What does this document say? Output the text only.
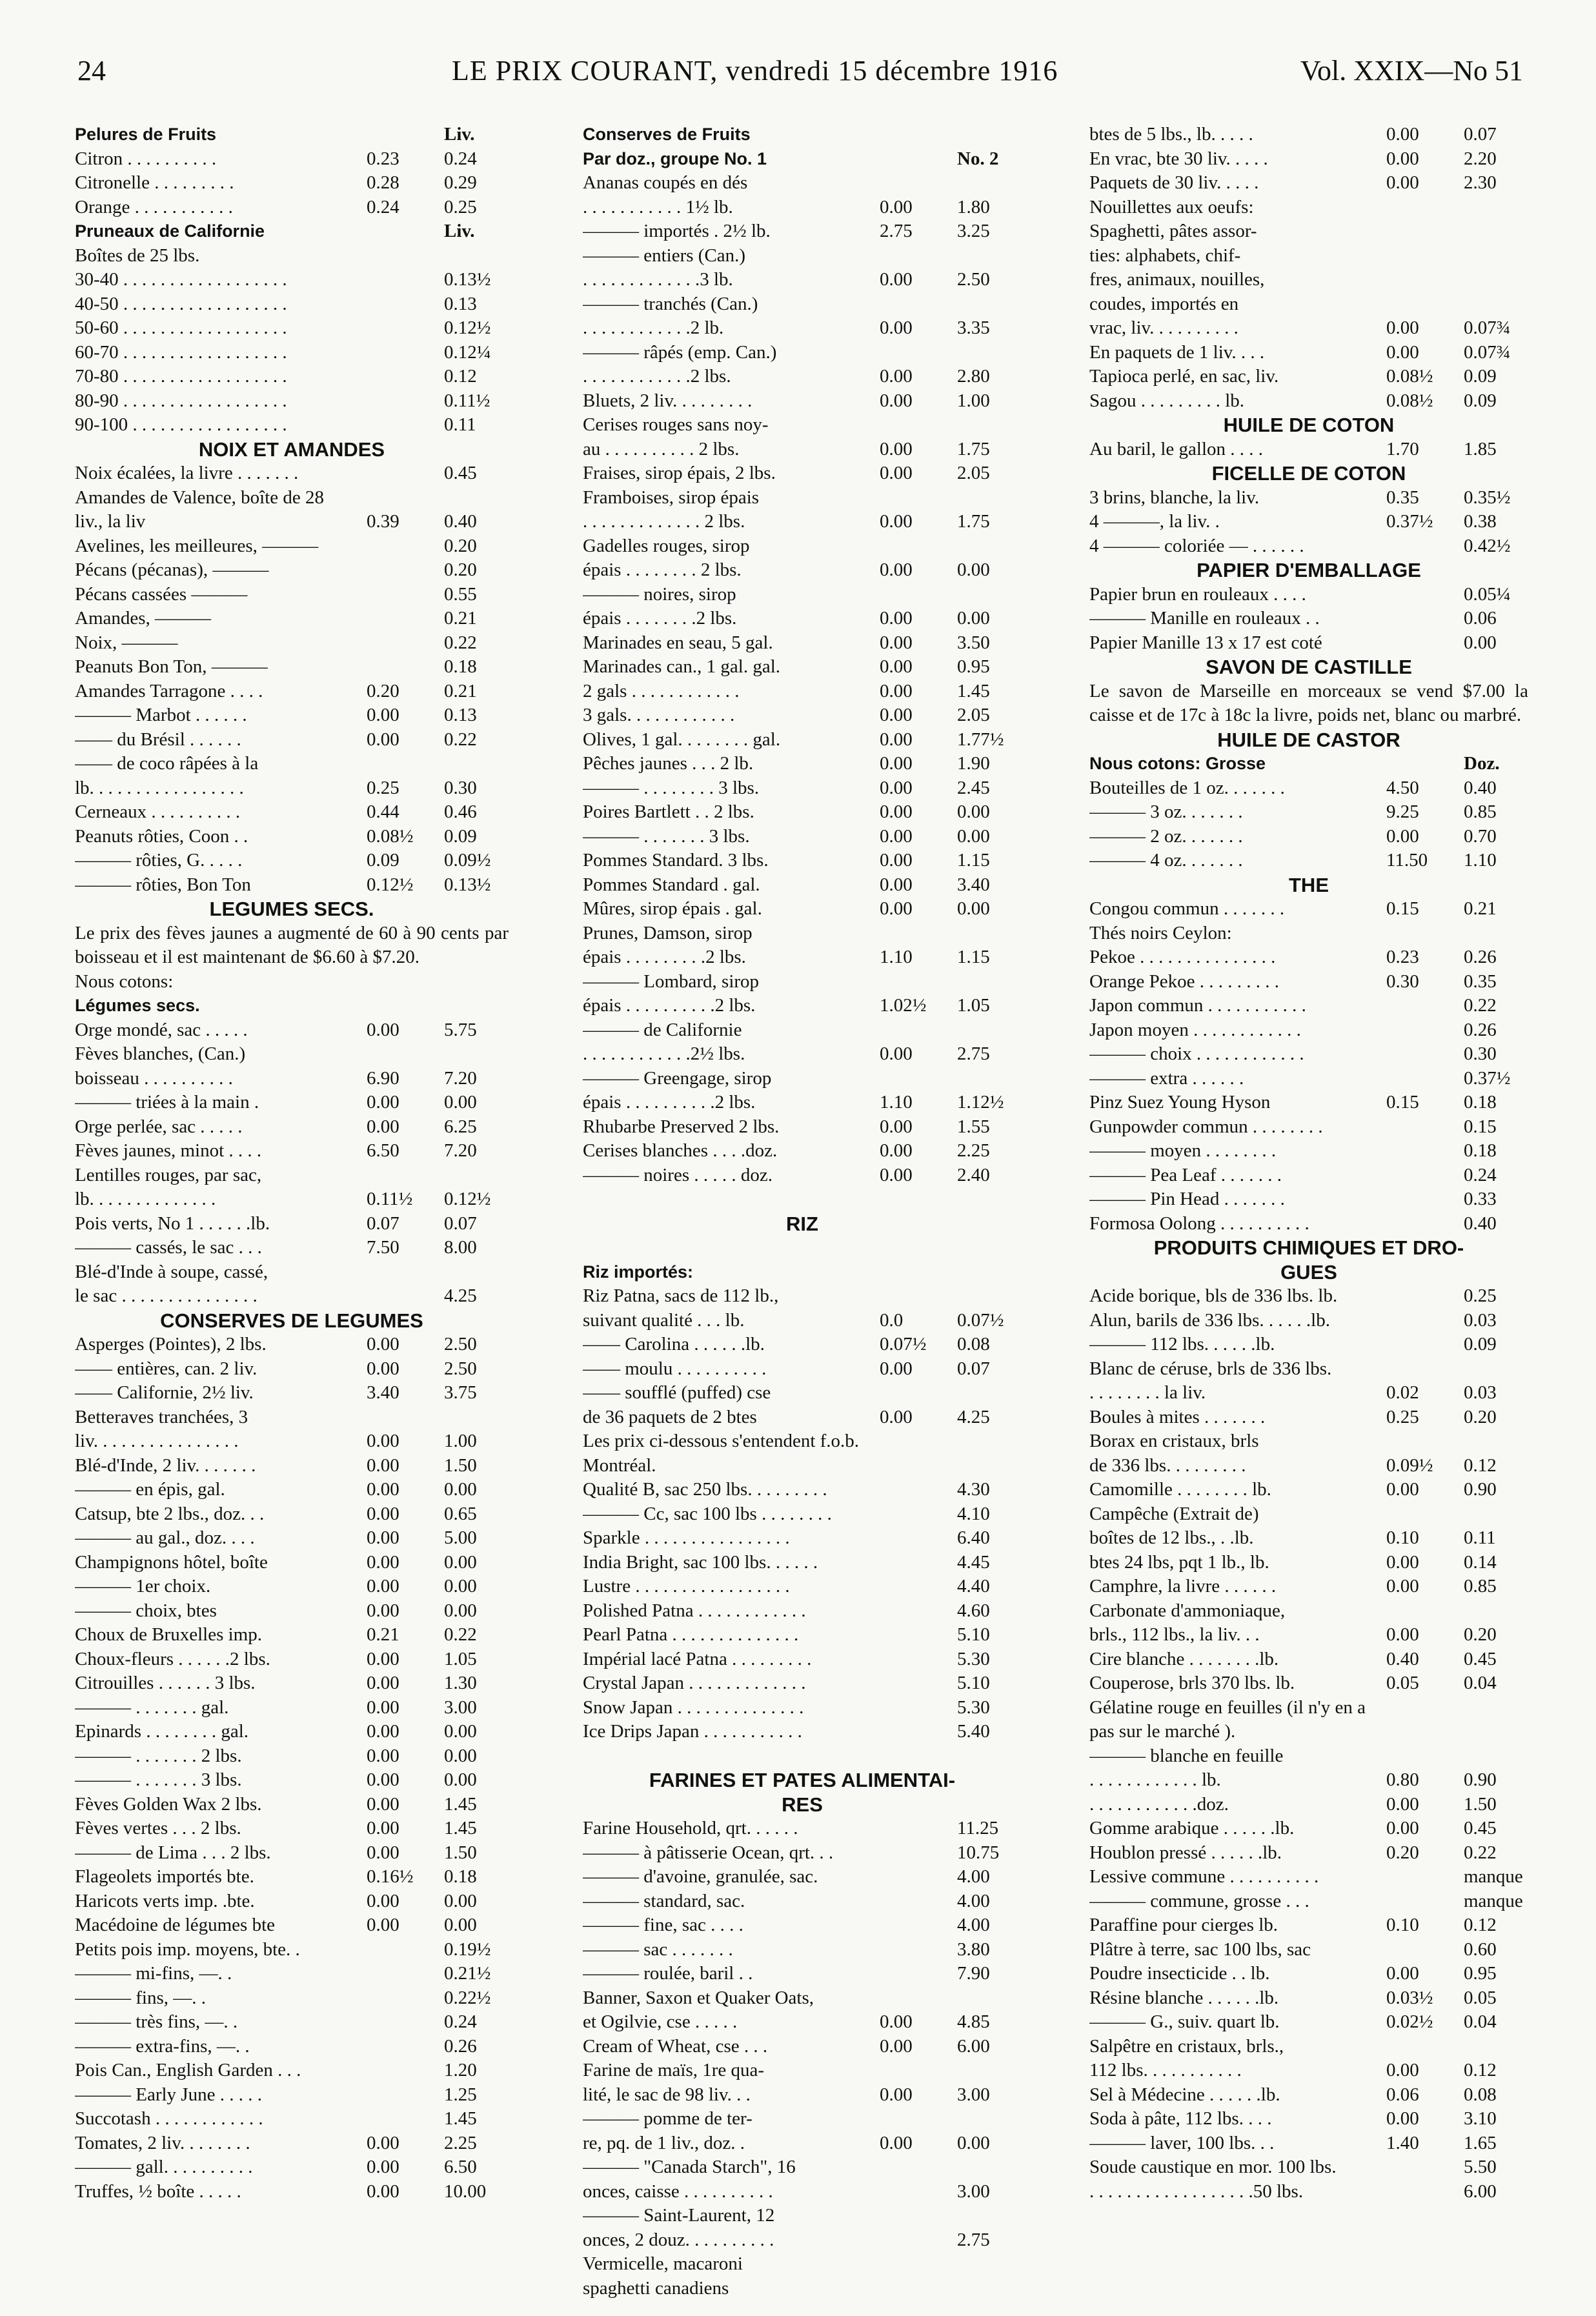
24	LE PRIX COURANT, vendredi 15 décembre 1916	Vol. XXIX—No 51
Pelures de Fruits	Liv.
Citron . . . . . . . . . .	0.23	0.24
Citronelle . . . . . . . . .	0.28	0.29
Orange . . . . . . . . . . .	0.24	0.25
Pruneaux de Californie	Liv.
Boîtes de 25 lbs.
30-40 . . . . . . . . . . . . . . . . . .	0.13½
40-50 . . . . . . . . . . . . . . . . . .	0.13
50-60 . . . . . . . . . . . . . . . . . .	0.12½
60-70 . . . . . . . . . . . . . . . . . .	0.12¼
70-80 . . . . . . . . . . . . . . . . . .	0.12
80-90 . . . . . . . . . . . . . . . . . .	0.11½
90-100 . . . . . . . . . . . . . . . . .	0.11
NOIX ET AMANDES
Noix écalées, la livre . . . . . . .	0.45
Amandes de Valence, boîte de 28
liv., la liv	0.39	0.40
Avelines, les meilleures, ———	0.20
Pécans (pécanas), ———	0.20
Pécans cassées ———	0.55
Amandes, ———	0.21
Noix, ———	0.22
Peanuts Bon Ton, ———	0.18
Amandes Tarragone . . . .	0.20	0.21
——— Marbot . . . . . .	0.00	0.13
—— du Brésil . . . . . .	0.00	0.22
—— de coco râpées à la
lb. . . . . . . . . . . . . . . . .	0.25	0.30
Cerneaux . . . . . . . . . .	0.44	0.46
Peanuts rôties, Coon . .	0.08½	0.09
——— rôties, G. . . . .	0.09	0.09½
——— rôties, Bon Ton	0.12½	0.13½
LEGUMES SECS.
Le prix des fèves jaunes a augmenté de 60 à 90 cents par boisseau et il est maintenant de $6.60 à $7.20.
Nous cotons:
Légumes secs.
Orge mondé, sac . . . . .	0.00	5.75
Fèves blanches, (Can.)
boisseau . . . . . . . . . .	6.90	7.20
——— triées à la main .	0.00	0.00
Orge perlée, sac . . . . .	0.00	6.25
Fèves jaunes, minot . . . .	6.50	7.20
Lentilles rouges, par sac,
lb. . . . . . . . . . . . . .	0.11½	0.12½
Pois verts, No 1 . . . . . .lb.	0.07	0.07
——— cassés, le sac . . .	7.50	8.00
Blé-d'Inde à soupe, cassé,
le sac . . . . . . . . . . . . . . .	4.25
CONSERVES DE LEGUMES
Asperges (Pointes), 2 lbs.	0.00	2.50
—— entières, can. 2 liv.	0.00	2.50
—— Californie, 2½ liv.	3.40	3.75
Betteraves tranchées, 3
liv. . . . . . . . . . . . . . . .	0.00	1.00
Blé-d'Inde, 2 liv. . . . . . .	0.00	1.50
——— en épis, gal.	0.00	0.00
Catsup, bte 2 lbs., doz. . .	0.00	0.65
——— au gal., doz. . . .	0.00	5.00
Champignons hôtel, boîte	0.00	0.00
——— 1er choix.	0.00	0.00
——— choix, btes	0.00	0.00
Choux de Bruxelles imp.	0.21	0.22
Choux-fleurs . . . . . .2 lbs.	0.00	1.05
Citrouilles . . . . . . 3 lbs.	0.00	1.30
——— . . . . . . . gal.	0.00	3.00
Epinards . . . . . . . . gal.	0.00	0.00
——— . . . . . . . 2 lbs.	0.00	0.00
——— . . . . . . . 3 lbs.	0.00	0.00
Fèves Golden Wax 2 lbs.	0.00	1.45
Fèves vertes . . . 2 lbs.	0.00	1.45
——— de Lima . . . 2 lbs.	0.00	1.50
Flageolets importés bte.	0.16½	0.18
Haricots verts imp. .bte.	0.00	0.00
Macédoine de légumes bte	0.00	0.00
Petits pois imp. moyens, bte. .	0.19½
——— mi-fins, —. .	0.21½
——— fins, —. .	0.22½
——— très fins, —. .	0.24
——— extra-fins, —. .	0.26
Pois Can., English Garden . . .	1.20
——— Early June . . . . .	1.25
Succotash . . . . . . . . . . . .	1.45
Tomates, 2 liv. . . . . . . .	0.00	2.25
——— gall. . . . . . . . . .	0.00	6.50
Truffes, ½ boîte . . . . .	0.00	10.00
Conserves de Fruits
Par doz., groupe No. 1	No. 2
Ananas coupés en dés
. . . . . . . . . . . 1½ lb.	0.00	1.80
——— importés . 2½ lb.	2.75	3.25
——— entiers (Can.)
. . . . . . . . . . . . .3 lb.	0.00	2.50
——— tranchés (Can.)
. . . . . . . . . . . .2 lb.	0.00	3.35
——— râpés (emp. Can.)
. . . . . . . . . . . .2 lbs.	0.00	2.80
Bluets, 2 liv. . . . . . . . .	0.00	1.00
Cerises rouges sans noy-
au . . . . . . . . . . 2 lbs.	0.00	1.75
Fraises, sirop épais, 2 lbs.	0.00	2.05
Framboises, sirop épais
. . . . . . . . . . . . . 2 lbs.	0.00	1.75
Gadelles rouges, sirop
épais . . . . . . . . 2 lbs.	0.00	0.00
——— noires, sirop
épais . . . . . . . .2 lbs.	0.00	0.00
Marinades en seau, 5 gal.	0.00	3.50
Marinades can., 1 gal. gal.	0.00	0.95
2 gals . . . . . . . . . . . .	0.00	1.45
3 gals. . . . . . . . . . . .	0.00	2.05
Olives, 1 gal. . . . . . . . gal.	0.00	1.77½
Pêches jaunes . . . 2 lb.	0.00	1.90
——— . . . . . . . . 3 lbs.	0.00	2.45
Poires Bartlett . . 2 lbs.	0.00	0.00
——— . . . . . . . 3 lbs.	0.00	0.00
Pommes Standard. 3 lbs.	0.00	1.15
Pommes Standard . gal.	0.00	3.40
Mûres, sirop épais . gal.	0.00	0.00
Prunes, Damson, sirop
épais . . . . . . . . .2 lbs.	1.10	1.15
——— Lombard, sirop
épais . . . . . . . . . .2 lbs.	1.02½	1.05
——— de Californie
. . . . . . . . . . . .2½ lbs.	0.00	2.75
——— Greengage, sirop
épais . . . . . . . . . .2 lbs.	1.10	1.12½
Rhubarbe Preserved 2 lbs.	0.00	1.55
Cerises blanches . . . .doz.	0.00	2.25
——— noires . . . . . doz.	0.00	2.40
RIZ
Riz importés:
Riz Patna, sacs de 112 lb.,
suivant qualité . . . lb.	0.0	0.07½
—— Carolina . . . . . .lb.	0.07½	0.08
—— moulu . . . . . . . . . .	0.00	0.07
—— soufflé (puffed) cse
de 36 paquets de 2 btes	0.00	4.25
Les prix ci-dessous s'entendent f.o.b.
Montréal.
Qualité B, sac 250 lbs. . . . . . . . .	4.30
——— Cc, sac 100 lbs . . . . . . . .	4.10
Sparkle . . . . . . . . . . . . . . . .	6.40
India Bright, sac 100 lbs. . . . . .	4.45
Lustre . . . . . . . . . . . . . . . . .	4.40
Polished Patna . . . . . . . . . . . .	4.60
Pearl Patna . . . . . . . . . . . . . .	5.10
Impérial lacé Patna . . . . . . . . .	5.30
Crystal Japan . . . . . . . . . . . . .	5.10
Snow Japan . . . . . . . . . . . . . .	5.30
Ice Drips Japan . . . . . . . . . . .	5.40
FARINES ET PATES ALIMENTAI-
RES
Farine Household, qrt. . . . . .	11.25
——— à pâtisserie Ocean, qrt. . .	10.75
——— d'avoine, granulée, sac.	4.00
——— standard, sac.	4.00
——— fine, sac . . . .	4.00
——— sac . . . . . . .	3.80
——— roulée, baril . .	7.90
Banner, Saxon et Quaker Oats,
et Ogilvie, cse . . . . .	0.00	4.85
Cream of Wheat, cse . . .	0.00	6.00
Farine de maïs, 1re qua-
lité, le sac de 98 liv. . .	0.00	3.00
——— pomme de ter-
re, pq. de 1 liv., doz. .	0.00	0.00
——— "Canada Starch", 16
onces, caisse . . . . . . . . . .	3.00
——— Saint-Laurent, 12
onces, 2 douz. . . . . . . . . .	2.75
Vermicelle, macaroni
spaghetti canadiens
btes de 5 lbs., lb. . . . .	0.00	0.07
En vrac, bte 30 liv. . . . .	0.00	2.20
Paquets de 30 liv. . . . .	0.00	2.30
Nouillettes aux oeufs:
Spaghetti, pâtes assor-
ties: alphabets, chif-
fres, animaux, nouilles,
coudes, importés en
vrac, liv. . . . . . . . . .	0.00	0.07¾
En paquets de 1 liv. . . .	0.00	0.07¾
Tapioca perlé, en sac, liv.	0.08½	0.09
Sagou . . . . . . . . . lb.	0.08½	0.09
HUILE DE COTON
Au baril, le gallon . . . .	1.70	1.85
FICELLE DE COTON
3 brins, blanche, la liv.	0.35	0.35½
4 ———, la liv. .	0.37½	0.38
4 ——— coloriée — . . . . . .	0.42½
PAPIER D'EMBALLAGE
Papier brun en rouleaux . . . .	0.05¼
——— Manille en rouleaux . .	0.06
Papier Manille 13 x 17 est coté	0.00
SAVON DE CASTILLE
Le savon de Marseille en morceaux se vend $7.00 la caisse et de 17c à 18c la livre, poids net, blanc ou marbré.
HUILE DE CASTOR
Nous cotons: Grosse	Doz.
Bouteilles de 1 oz. . . . . . .	4.50	0.40
——— 3 oz. . . . . . .	9.25	0.85
——— 2 oz. . . . . . .	0.00	0.70
——— 4 oz. . . . . . .	11.50	1.10
THE
Congou commun . . . . . . .	0.15	0.21
Thés noirs Ceylon:
Pekoe . . . . . . . . . . . . . . .	0.23	0.26
Orange Pekoe . . . . . . . . .	0.30	0.35
Japon commun . . . . . . . . . . .	0.22
Japon moyen . . . . . . . . . . . .	0.26
——— choix . . . . . . . . . . . .	0.30
——— extra . . . . . .	0.37½
Pinz Suez Young Hyson	0.15	0.18
Gunpowder commun . . . . . . . .	0.15
——— moyen . . . . . . . .	0.18
——— Pea Leaf . . . . . . .	0.24
——— Pin Head . . . . . . .	0.33
Formosa Oolong . . . . . . . . . .	0.40
PRODUITS CHIMIQUES ET DRO-
GUES
Acide borique, bls de 336 lbs. lb.	0.25
Alun, barils de 336 lbs. . . . . .lb.	0.03
——— 112 lbs. . . . . .lb.	0.09
Blanc de céruse, brls de 336 lbs.
. . . . . . . . la liv.	0.02	0.03
Boules à mites . . . . . . .	0.25	0.20
Borax en cristaux, brls
de 336 lbs. . . . . . . . .	0.09½	0.12
Camomille . . . . . . . . lb.	0.00	0.90
Campêche (Extrait de)
boîtes de 12 lbs., . .lb.	0.10	0.11
btes 24 lbs, pqt 1 lb., lb.	0.00	0.14
Camphre, la livre . . . . . .	0.00	0.85
Carbonate d'ammoniaque,
brls., 112 lbs., la liv. . .	0.00	0.20
Cire blanche . . . . . . . .lb.	0.40	0.45
Couperose, brls 370 lbs. lb.	0.05	0.04
Gélatine rouge en feuilles (il n'y en a
pas sur le marché ).
——— blanche en feuille
. . . . . . . . . . . . lb.	0.80	0.90
. . . . . . . . . . . .doz.	0.00	1.50
Gomme arabique . . . . . .lb.	0.00	0.45
Houblon pressé . . . . . .lb.	0.20	0.22
Lessive commune . . . . . . . . . .	manque
——— commune, grosse . . .	manque
Paraffine pour cierges lb.	0.10	0.12
Plâtre à terre, sac 100 lbs, sac	0.60
Poudre insecticide . . lb.	0.00	0.95
Résine blanche . . . . . .lb.	0.03½	0.05
——— G., suiv. quart lb.	0.02½	0.04
Salpêtre en cristaux, brls.,
112 lbs. . . . . . . . . . .	0.00	0.12
Sel à Médecine . . . . . .lb.	0.06	0.08
Soda à pâte, 112 lbs. . . .	0.00	3.10
——— laver, 100 lbs. . .	1.40	1.65
Soude caustique en mor. 100 lbs.	5.50
. . . . . . . . . . . . . . . . . .50 lbs.	6.00
